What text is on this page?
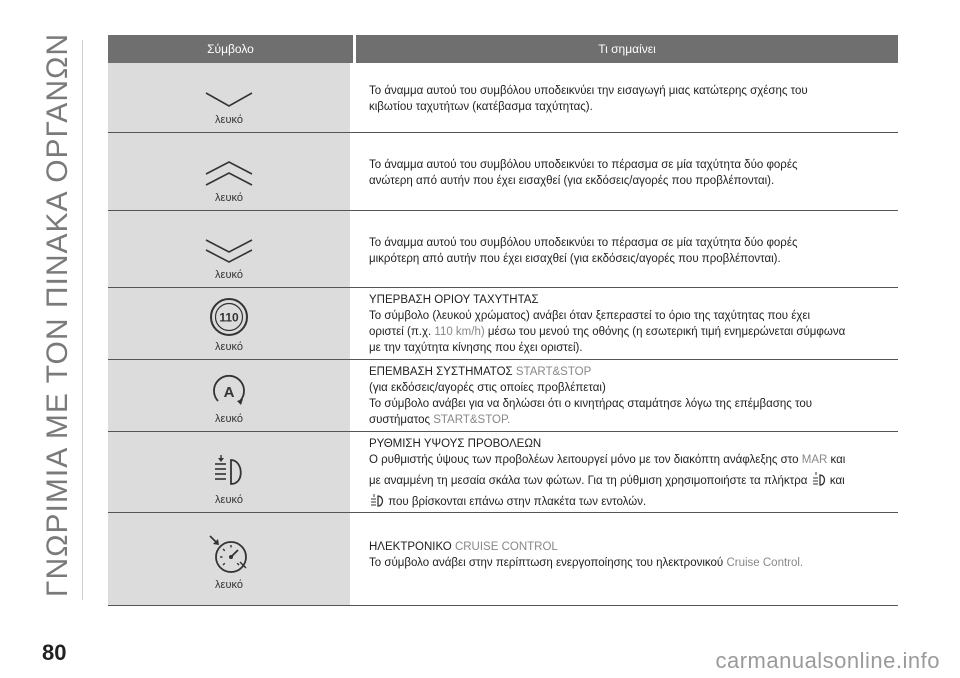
ΓΝΩΡΙΜΙΑ ΜΕ ΤΟΝ ΠΙΝΑΚΑ ΟΡΓΑΝΩΝ	Σύμβολο	Τι σημαίνει
λευκό
Το άναμμα αυτού του συμβόλου υποδεικνύει την εισαγωγή μιας κατώτερης σχέσης του
κιβωτίου ταχυτήτων (κατέβασμα ταχύτητας).
λευκό
Το άναμμα αυτού του συμβόλου υποδεικνύει το πέρασμα σε μία ταχύτητα δύο φορές
ανώτερη από αυτήν που έχει εισαχθεί (για εκδόσεις/αγορές που προβλέπονται).
λευκό
Το άναμμα αυτού του συμβόλου υποδεικνύει το πέρασμα σε μία ταχύτητα δύο φορές
μικρότερη από αυτήν που έχει εισαχθεί (για εκδόσεις/αγορές που προβλέπονται).
110
λευκό
ΥΠΕΡΒΑΣΗ ΟΡΙΟΥ ΤΑΧΥΤΗΤΑΣ
Το σύμβολο (λευκού χρώματος) ανάβει όταν ξεπεραστεί το όριο της ταχύτητας που έχει
οριστεί (π.χ. 110 km/h) μέσω του μενού της οθόνης (η εσωτερική τιμή ενημερώνεται σύμφωνα
με την ταχύτητα κίνησης που έχει οριστεί).
A
λευκό
ΕΠΕΜΒΑΣΗ ΣΥΣΤΗΜΑΤΟΣ START&STOP
(για εκδόσεις/αγορές στις οποίες προβλέπεται)
Το σύμβολο ανάβει για να δηλώσει ότι ο κινητήρας σταμάτησε λόγω της επέμβασης του
συστήματος START&STOP.
λευκό
ΡΥΘΜΙΣΗ ΥΨΟΥΣ ΠΡΟΒΟΛΕΩΝ
Ο ρυθμιστής ύψους των προβολέων λειτουργεί μόνο με τον διακόπτη ανάφλεξης στο MAR και
με αναμμένη τη μεσαία σκάλα των φώτων. Για τη ρύθμιση χρησιμοποιήστε τα πλήκτρα και
που βρίσκονται επάνω στην πλακέτα των εντολών.
λευκό
ΗΛΕΚΤΡΟΝΙΚΟ CRUISE CONTROL
Το σύμβολο ανάβει στην περίπτωση ενεργοποίησης του ηλεκτρονικού Cruise Control.
80	carmanualsonline.info
